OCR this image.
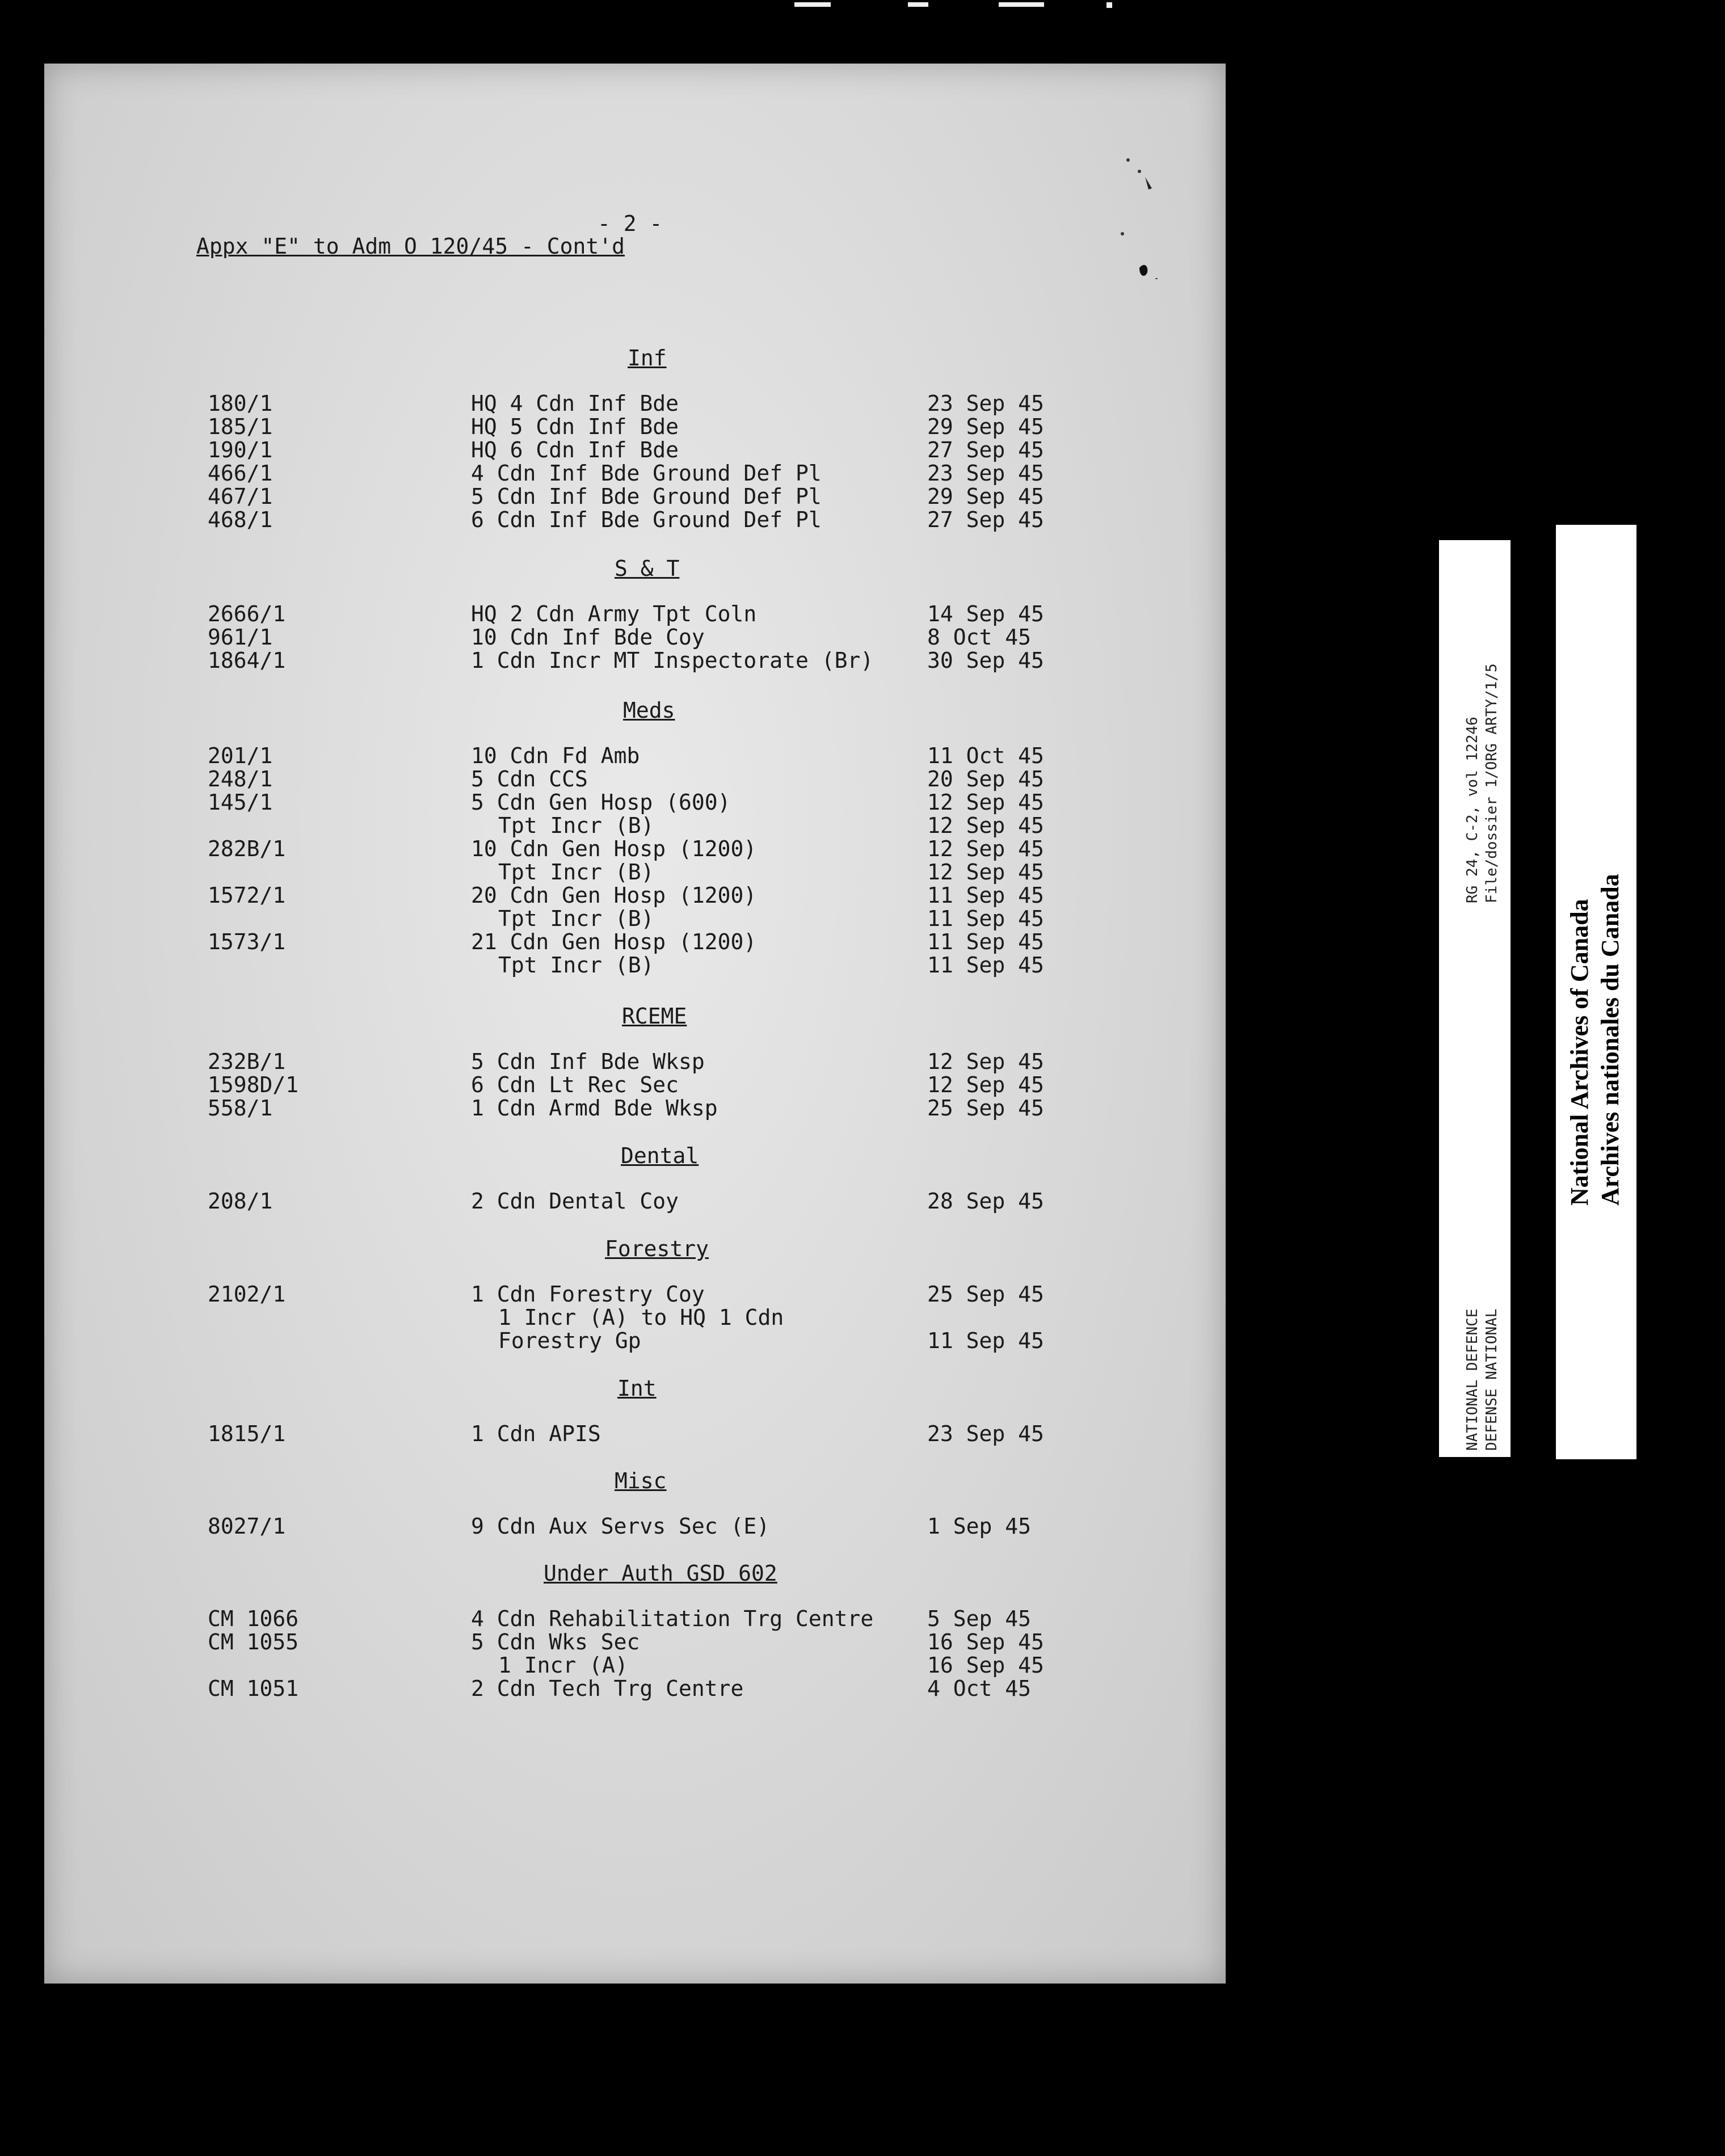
- 2 -
Appx "E" to Adm O 120/45 - Cont'd
Inf
180/1	HQ 4 Cdn Inf Bde	23 Sep 45
185/1	HQ 5 Cdn Inf Bde	29 Sep 45
190/1	HQ 6 Cdn Inf Bde	27 Sep 45
466/1	4 Cdn Inf Bde Ground Def Pl	23 Sep 45
467/1	5 Cdn Inf Bde Ground Def Pl	29 Sep 45
468/1	6 Cdn Inf Bde Ground Def Pl	27 Sep 45
S & T
2666/1	HQ 2 Cdn Army Tpt Coln	14 Sep 45
961/1	10 Cdn Inf Bde Coy	8 Oct 45
1864/1	1 Cdn Incr MT Inspectorate (Br) 30 Sep 45
Meds
201/1	10 Cdn Fd Amb	11 Oct 45
248/1	5 Cdn CCS	20 Sep 45
145/1	5 Cdn Gen Hosp (600)	12 Sep 45
Tpt Incr (B)	12 Sep 45
282B/1	10 Cdn Gen Hosp (1200)	12 Sep 45
Tpt Incr (B)	12 Sep 45
1572/1	20 Cdn Gen Hosp (1200)	11 Sep 45
Tpt Incr (B)	11 Sep 45
1573/1	21 Cdn Gen Hosp (1200)	11 Sep 45
Tpt Incr (B)	11 Sep 45
RCEME
232B/1	5 Cdn Inf Bde Wksp	12 Sep 45
1598D/1	6 Cdn Lt Rec Sec	12 Sep 45
558/1	1 Cdn Armd Bde Wksp	25 Sep 45
Dental
208/1	2 Cdn Dental Coy	28 Sep 45
Forestry
2102/1	1 Cdn Forestry Coy	25 Sep 45
1 Incr (A) to HQ 1 Cdn
Forestry Gp	11 Sep 45
Int
1815/1	1 Cdn APIS	23 Sep 45
Misc
8027/1	9 Cdn Aux Servs Sec (E)	1 Sep 45
Under Auth GSD 602
CM 1066	4 Cdn Rehabilitation Trg Centre 5 Sep 45
CM 1055	5 Cdn Wks Sec	16 Sep 45
1 Incr (A)	16 Sep 45
CM 1051	2 Cdn Tech Trg Centre	4 Oct 45
RG 24, C-2, vol 12246 File/dossier 1/ORG ARTY/1/5
NATIONAL DEFENCE DEFENSE NATIONAL
National Archives of Canada Archives nationales du Canada
